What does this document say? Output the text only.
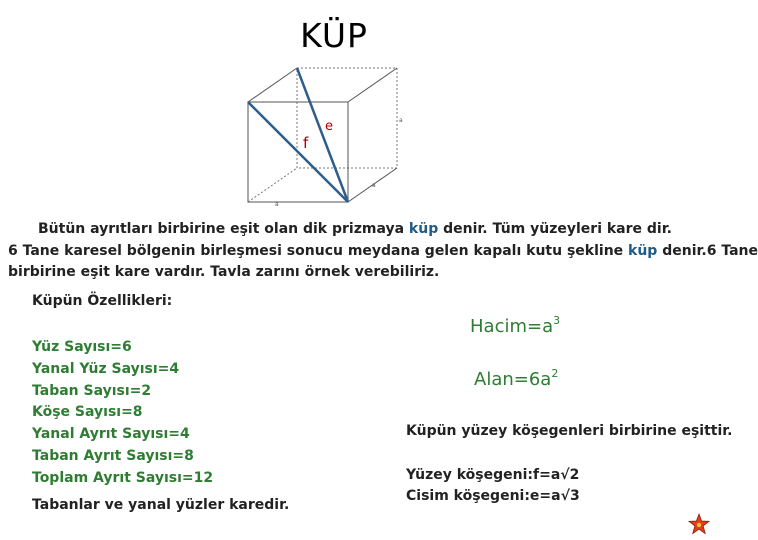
KÜP
f
e	a
a
a
Bütün ayrıtları birbirine eşit olan dik prizmaya küp denir. Tüm yüzeyleri kare dir.
6 Tane karesel bölgenin birleşmesi sonucu meydana gelen kapalı kutu şekline küp denir.6 Tane
birbirine eşit kare vardır. Tavla zarını örnek verebiliriz.
Küpün Özellikleri:
Yüz Sayısı=6
Yanal Yüz Sayısı=4
Taban Sayısı=2
Köşe Sayısı=8
Yanal Ayrıt Sayısı=4
Taban Ayrıt Sayısı=8
Toplam Ayrıt Sayısı=12
Tabanlar ve yanal yüzler karedir.
$Hacim=a^3$
$Alan=6a^2$
Küpün yüzey köşegenleri birbirine eşittir.
Yüzey köşegeni:f=a√2
Cisim köşegeni:e=a√3
